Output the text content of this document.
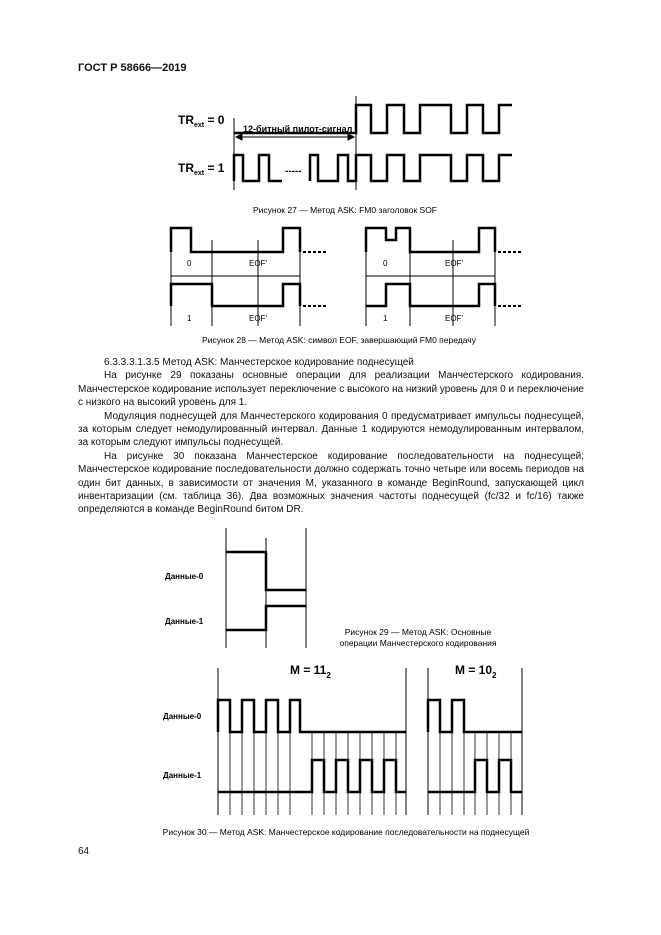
ГОСТ Р 58666—2019
$TR_{ext} = 0$
$TR_{ext} = 1$
12-битный пилот-сигнал
-----
Рисунок 27 — Метод ASK: FM0 заголовок SOF
0	EOF'
1	EOF'
0	EOF'
1	EOF'
Рисунок 28 — Метод ASK: символ EOF, завершающий FM0 передачу
Данные-0
Данные-1
Рисунок 29 — Метод ASK: Основные
операции Манчестерского кодирования
$M = 11_2$	$M = 10_2$
Данные-0
Данные-1
Рисунок 30 — Метод ASK: Манчестерское кодирование последовательности на поднесущей

6.3.3.3.1.3.5 Метод ASK: Манчестерское кодирование поднесущей

На рисунке 29 показаны основные операции для реализации Манчестерского кодирования. Манчестерское кодирование использует переключение с высокого на низкий уровень для 0 и переключение с низкого на высокий уровень для 1.

Модуляция поднесущей для Манчестерского кодирования 0 предусматривает импульсы поднесущей, за которым следует немодулированный интервал. Данные 1 кодируются немодулированным интервалом, за которым следуют импульсы поднесущей.

На рисунке 30 показана Манчестерское кодирование последовательности на поднесущей; Манчестерское кодирование последовательности должно содержать точно четыре или восемь периодов на один бит данных, в зависимости от значения M, указанного в команде BeginRound, запускающей цикл инвентаризации (см. таблица 36). Два возможных значения частоты поднесущей (fc/32 и fc/16) также определяются в команде BeginRound битом DR.

64
